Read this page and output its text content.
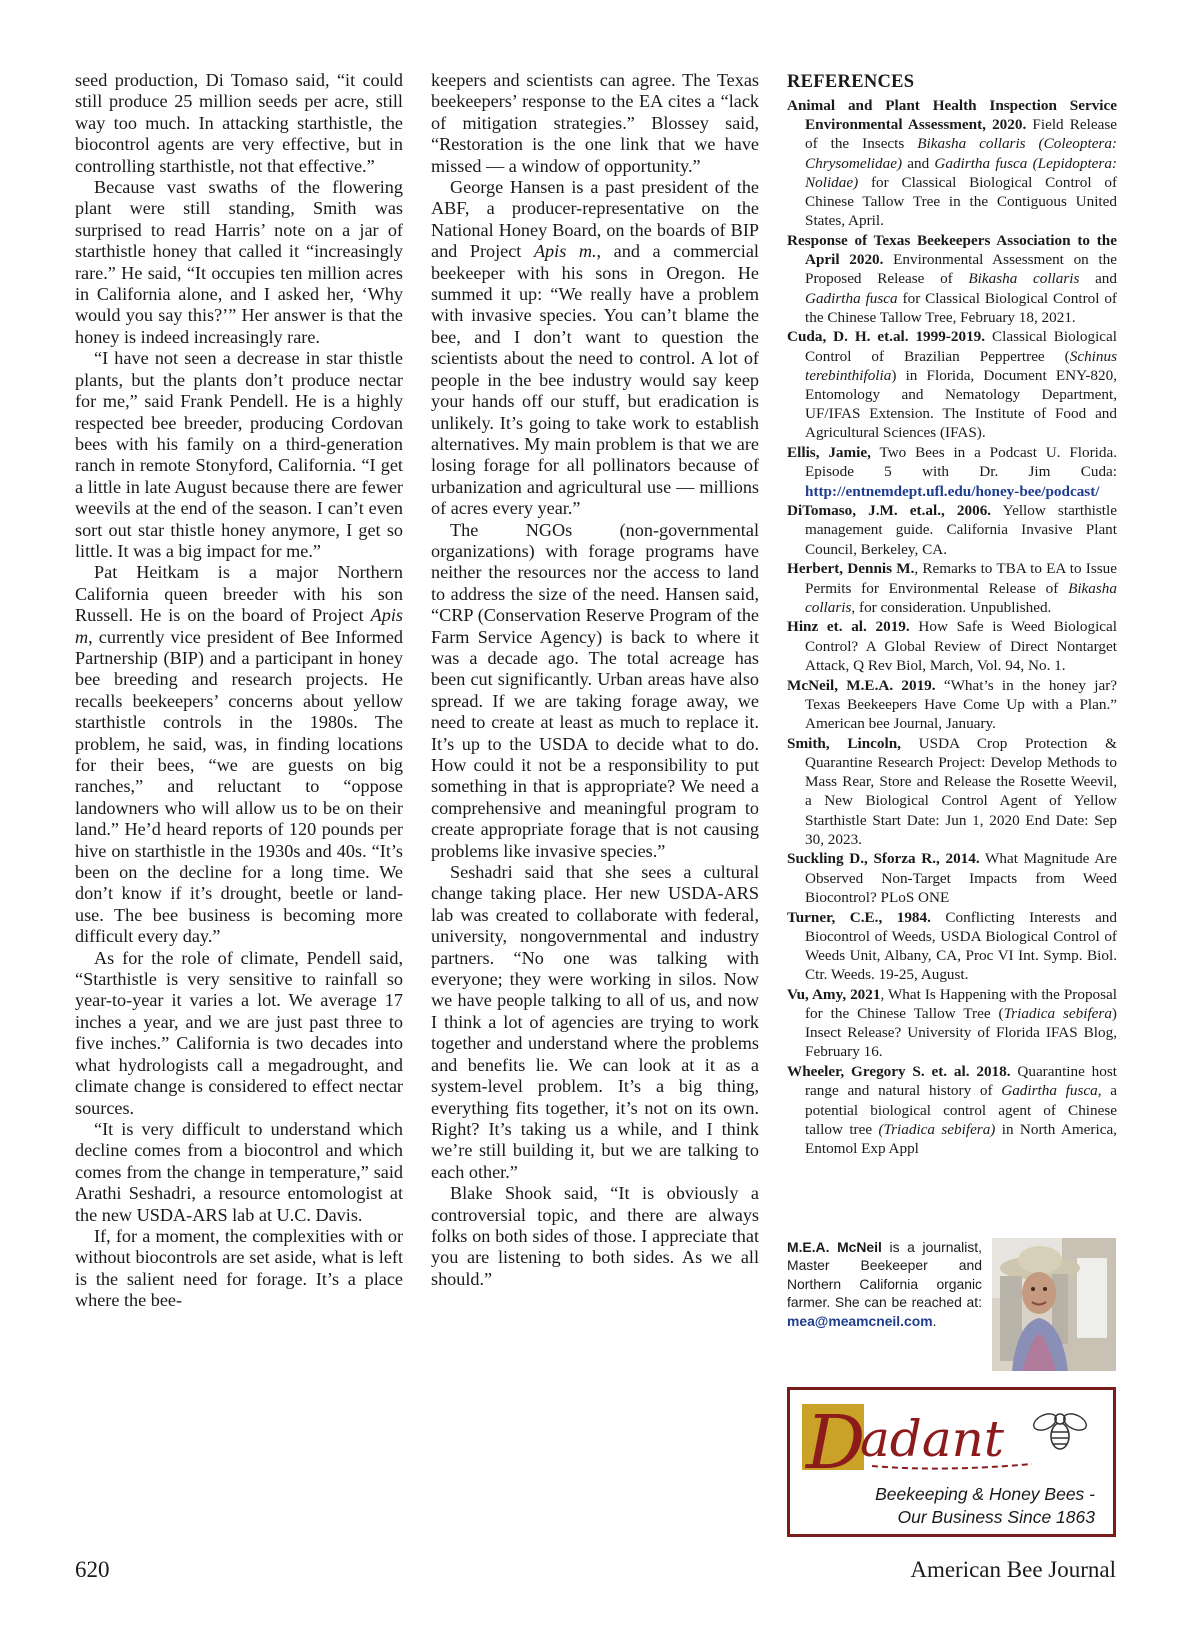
seed production, Di Tomaso said, “it could still produce 25 million seeds per acre, still way too much. In attacking starthistle, the biocontrol agents are very effective, but in controlling starthistle, not that effective.”

Because vast swaths of the flowering plant were still standing, Smith was surprised to read Harris’ note on a jar of starthistle honey that called it “increasingly rare.” He said, “It occupies ten million acres in California alone, and I asked her, ‘Why would you say this?’” Her answer is that the honey is indeed increasingly rare.

“I have not seen a decrease in star thistle plants, but the plants don’t produce nectar for me,” said Frank Pendell. He is a highly respected bee breeder, producing Cordovan bees with his family on a third-generation ranch in remote Stonyford, California. “I get a little in late August because there are fewer weevils at the end of the season. I can’t even sort out star thistle honey anymore, I get so little. It was a big impact for me.”

Pat Heitkam is a major Northern California queen breeder with his son Russell. He is on the board of Project Apis m, currently vice president of Bee Informed Partnership (BIP) and a participant in honey bee breeding and research projects. He recalls beekeepers’ concerns about yellow starthistle controls in the 1980s. The problem, he said, was, in finding locations for their bees, “we are guests on big ranches,” and reluctant to “oppose landowners who will allow us to be on their land.” He’d heard reports of 120 pounds per hive on starthistle in the 1930s and 40s. “It’s been on the decline for a long time. We don’t know if it’s drought, beetle or land-use. The bee business is becoming more difficult every day.”

As for the role of climate, Pendell said, “Starthistle is very sensitive to rainfall so year-to-year it varies a lot. We average 17 inches a year, and we are just past three to five inches.” California is two decades into what hydrologists call a megadrought, and climate change is considered to effect nectar sources.

“It is very difficult to understand which decline comes from a biocontrol and which comes from the change in temperature,” said Arathi Seshadri, a resource entomologist at the new USDA-ARS lab at U.C. Davis.

If, for a moment, the complexities with or without biocontrols are set aside, what is left is the salient need for forage. It’s a place where the bee-

keepers and scientists can agree. The Texas beekeepers’ response to the EA cites a “lack of mitigation strategies.” Blossey said, “Restoration is the one link that we have missed — a window of opportunity.”

George Hansen is a past president of the ABF, a producer-representative on the National Honey Board, on the boards of BIP and Project Apis m., and a commercial beekeeper with his sons in Oregon. He summed it up: “We really have a problem with invasive species. You can’t blame the bee, and I don’t want to question the scientists about the need to control. A lot of people in the bee industry would say keep your hands off our stuff, but eradication is unlikely. It’s going to take work to establish alternatives. My main problem is that we are losing forage for all pollinators because of urbanization and agricultural use — millions of acres every year.”

The NGOs (non-governmental organizations) with forage programs have neither the resources nor the access to land to address the size of the need. Hansen said, “CRP (Conservation Reserve Program of the Farm Service Agency) is back to where it was a decade ago. The total acreage has been cut significantly. Urban areas have also spread. If we are taking forage away, we need to create at least as much to replace it. It’s up to the USDA to decide what to do. How could it not be a responsibility to put something in that is appropriate? We need a comprehensive and meaningful program to create appropriate forage that is not causing problems like invasive species.”

Seshadri said that she sees a cultural change taking place. Her new USDA-ARS lab was created to collaborate with federal, university, nongovernmental and industry partners. “No one was talking with everyone; they were working in silos. Now we have people talking to all of us, and now I think a lot of agencies are trying to work together and understand where the problems and benefits lie. We can look at it as a system-level problem. It’s a big thing, everything fits together, it’s not on its own. Right? It’s taking us a while, and I think we’re still building it, but we are talking to each other.”

Blake Shook said, “It is obviously a controversial topic, and there are always folks on both sides of those. I appreciate that you are listening to both sides. As we all should.”

REFERENCES
Animal and Plant Health Inspection Service Environmental Assessment, 2020. Field Release of the Insects Bikasha collaris (Coleoptera: Chrysomelidae) and Gadirtha fusca (Lepidoptera: Nolidae) for Classical Biological Control of Chinese Tallow Tree in the Contiguous United States, April.
Response of Texas Beekeepers Association to the April 2020. Environmental Assessment on the Proposed Release of Bikasha collaris and Gadirtha fusca for Classical Biological Control of the Chinese Tallow Tree, February 18, 2021.
Cuda, D. H. et.al. 1999-2019. Classical Biological Control of Brazilian Peppertree (Schinus terebinthifolia) in Florida, Document ENY-820, Entomology and Nematology Department, UF/IFAS Extension. The Institute of Food and Agricultural Sciences (IFAS).
Ellis, Jamie, Two Bees in a Podcast U. Florida. Episode 5 with Dr. Jim Cuda: http://entnemdept.ufl.edu/honey-bee/podcast/
DiTomaso, J.M. et.al., 2006. Yellow starthistle management guide. California Invasive Plant Council, Berkeley, CA.
Herbert, Dennis M., Remarks to TBA to EA to Issue Permits for Environmental Release of Bikasha collaris, for consideration. Unpublished.
Hinz et. al. 2019. How Safe is Weed Biological Control? A Global Review of Direct Nontarget Attack, Q Rev Biol, March, Vol. 94, No. 1.
McNeil, M.E.A. 2019. “What’s in the honey jar? Texas Beekeepers Have Come Up with a Plan.” American bee Journal, January.
Smith, Lincoln, USDA Crop Protection & Quarantine Research Project: Develop Methods to Mass Rear, Store and Release the Rosette Weevil, a New Biological Control Agent of Yellow Starthistle Start Date: Jun 1, 2020 End Date: Sep 30, 2023.
Suckling D., Sforza R., 2014. What Magnitude Are Observed Non-Target Impacts from Weed Biocontrol? PLoS ONE
Turner, C.E., 1984. Conflicting Interests and Biocontrol of Weeds, USDA Biological Control of Weeds Unit, Albany, CA, Proc VI Int. Symp. Biol. Ctr. Weeds. 19-25, August.
Vu, Amy, 2021, What Is Happening with the Proposal for the Chinese Tallow Tree (Triadica sebifera) Insect Release? University of Florida IFAS Blog, February 16.
Wheeler, Gregory S. et. al. 2018. Quarantine host range and natural history of Gadirtha fusca, a potential biological control agent of Chinese tallow tree (Triadica sebifera) in North America, Entomol Exp Appl
M.E.A. McNeil is a journalist, Master Beekeeper and Northern California organic farmer. She can be reached at: mea@meamcneil.com.
D
adant
Beekeeping & Honey Bees -
Our Business Since 1863
620	American Bee Journal
